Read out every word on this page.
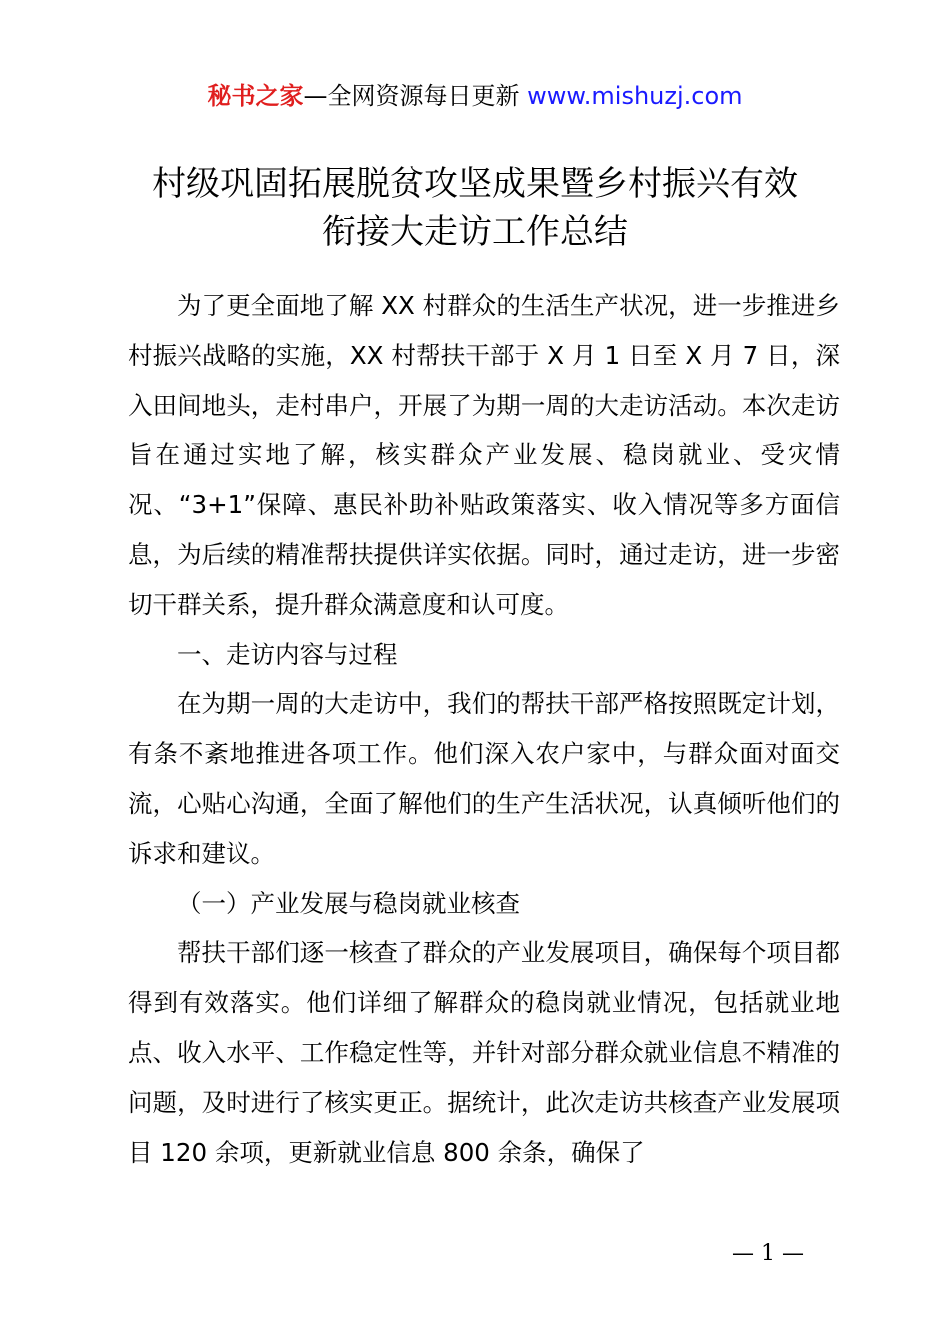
秘书之家—全网资源每日更新 www.mishuzj.com
村级巩固拓展脱贫攻坚成果暨乡村振兴有效
衔接大走访工作总结

为了更全面地了解 XX 村群众的生活生产状况，进一步推进乡村振兴战略的实施，XX 村帮扶干部于 X 月 1 日至 X 月 7 日，深入田间地头，走村串户，开展了为期一周的大走访活动。本次走访旨在通过实地了解，核实群众产业发展、稳岗就业、受灾情况、“3+1”保障、惠民补助补贴政策落实、收入情况等多方面信息，为后续的精准帮扶提供详实依据。同时，通过走访，进一步密切干群关系，提升群众满意度和认可度。

一、走访内容与过程

在为期一周的大走访中，我们的帮扶干部严格按照既定计划，有条不紊地推进各项工作。他们深入农户家中，与群众面对面交流，心贴心沟通，全面了解他们的生产生活状况，认真倾听他们的诉求和建议。

（一）产业发展与稳岗就业核查

帮扶干部们逐一核查了群众的产业发展项目，确保每个项目都得到有效落实。他们详细了解群众的稳岗就业情况，包括就业地点、收入水平、工作稳定性等，并针对部分群众就业信息不精准的问题，及时进行了核实更正。据统计，此次走访共核查产业发展项目 120 余项，更新就业信息 800 余条，确保了

— 1 —
